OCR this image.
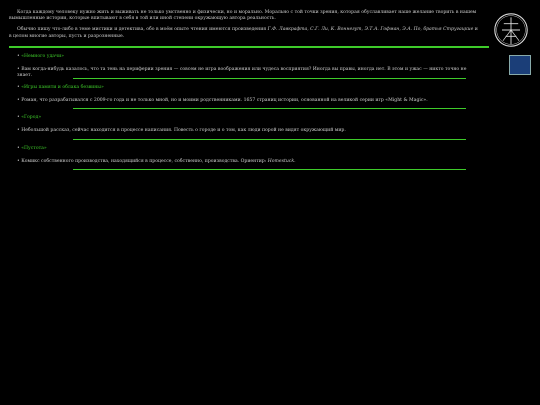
Когда каждому человеку нужно жить и выживать не только умственно и физически, но и морально. Морально с той точки зрения, которая обуславливает наше желание творить в нашем вымышленные истории, которые впитывают в себя в той или иной степени окружающую автора реальность.

Обычно пишу что-либо в теме мистики и детектива, обо в моём опыте чтения имеются произведения Г.Ф. Лавкрафта, С.Г. Ли, К. Воннегут, Э.Т.А. Гофман, Э.А. По, братья Стругацкие и в целом многие авторы, пусть и разрозненные.

• «Немного удачи»

• Вам когда-нибудь казалось, что та тень на периферии зрения — совсем не игра воображения или чудеса восприятия? Иногда вы правы, иногда нет. В этом и ужас — никто точно не знает.

• «Игры памяти и облака безвины»

• Роман, что разрабатывался с 2009-го года и не только мной, но и моими родственниками. 1657 страниц истории, основанной на великой серии игр «Might & Magic».

• «Город»

• Небольшой рассказ, сейчас находится в процессе написания. Повесть о городе и о том, как люди порой не видят окружающий мир.

• «Пустота»

• Комикс собственного производства, находящийся в процессе, собственно, производства. Ориентир: Homestuck.
